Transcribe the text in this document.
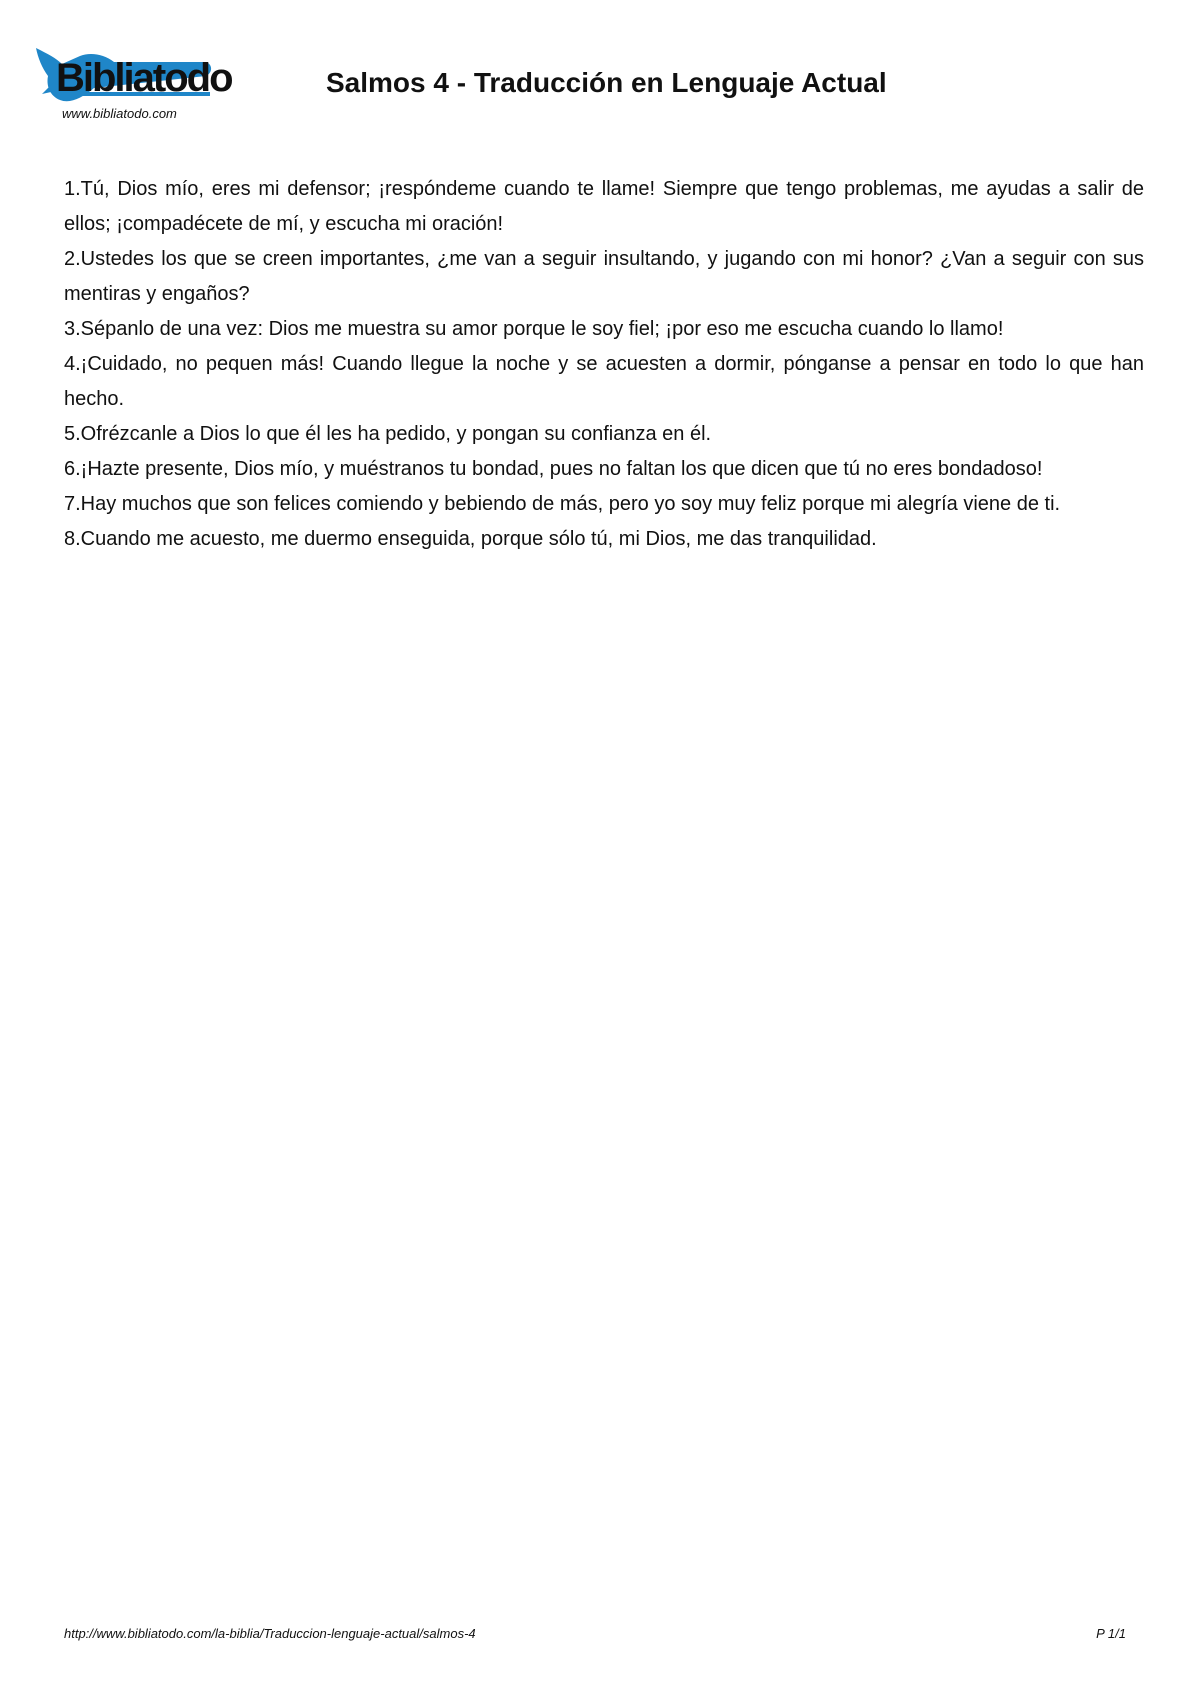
Bibliatodo
www.bibliatodo.com
Salmos 4 - Traducción en Lenguaje Actual

1.Tú, Dios mío, eres mi defensor; ¡respóndeme cuando te llame! Siempre que tengo problemas, me ayudas a salir de ellos; ¡compadécete de mí, y escucha mi oración!

2.Ustedes los que se creen importantes, ¿me van a seguir insultando, y jugando con mi honor? ¿Van a seguir con sus mentiras y engaños?

3.Sépanlo de una vez: Dios me muestra su amor porque le soy fiel; ¡por eso me escucha cuando lo llamo!

4.¡Cuidado, no pequen más! Cuando llegue la noche y se acuesten a dormir, pónganse a pensar en todo lo que han hecho.

5.Ofrézcanle a Dios lo que él les ha pedido, y pongan su confianza en él.

6.¡Hazte presente, Dios mío, y muéstranos tu bondad, pues no faltan los que dicen que tú no eres bondadoso!

7.Hay muchos que son felices comiendo y bebiendo de más, pero yo soy muy feliz porque mi alegría viene de ti.

8.Cuando me acuesto, me duermo enseguida, porque sólo tú, mi Dios, me das tranquilidad.

http://www.bibliatodo.com/la-biblia/Traduccion-lenguaje-actual/salmos-4	P 1/1
